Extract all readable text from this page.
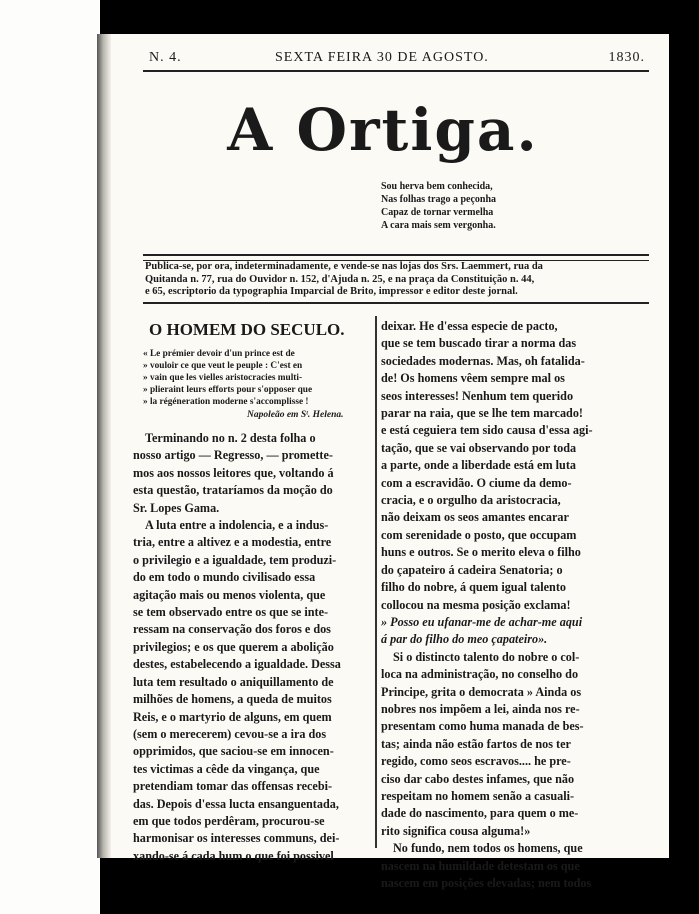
N. 4.	SEXTA FEIRA 30 DE AGOSTO.	1830.
A Ortiga.
Sou herva bem conhecida,
Nas folhas trago a peçonha
Capaz de tornar vermelha
A cara mais sem vergonha.
Publica-se, por ora, indeterminadamente, e vende-se nas lojas dos Srs. Laemmert, rua da
Quitanda n. 77, rua do Ouvidor n. 152, d'Ajuda n. 25, e na praça da Constituição n. 44,
e 65, escriptorio da typographia Imparcial de Brito, impressor e editor deste jornal.
O HOMEM DO SECULO.
« Le prémier devoir d'un prince est de
» vouloir ce que veut le peuple : C'est en
» vain que les vielles aristocracies multi-
» plieraint leurs efforts pour s'opposer que
» la régéneration moderne s'accomplisse !
Napoleão em Sᵗ. Helena.
Terminando no n. 2 desta folha o
nosso artigo — Regresso, — promette-
mos aos nossos leitores que, voltando á
esta questão, trataríamos da moção do
Sr. Lopes Gama.
A luta entre a indolencia, e a indus-
tria, entre a altivez e a modestia, entre
o privilegio e a igualdade, tem produzi-
do em todo o mundo civilisado essa
agitação mais ou menos violenta, que
se tem observado entre os que se inte-
ressam na conservação dos foros e dos
privilegios; e os que querem a abolição
destes, estabelecendo a igualdade. Dessa
luta tem resultado o aniquillamento de
milhões de homens, a queda de muitos
Reis, e o martyrio de alguns, em quem
(sem o merecerem) cevou-se a ira dos
opprimidos, que saciou-se em innocen-
tes victimas a cêde da vingança, que
pretendiam tomar das offensas recebi-
das. Depois d'essa lucta ensanguentada,
em que todos perdêram, procurou-se
harmonisar os interesses communs, dei-
xando-se á cada hum o que foi possivel
deixar. He d'essa especie de pacto,
que se tem buscado tirar a norma das
sociedades modernas. Mas, oh fatalida-
de! Os homens vêem sempre mal os
seos interesses! Nenhum tem querido
parar na raia, que se lhe tem marcado!
e está ceguiera tem sido causa d'essa agi-
tação, que se vai observando por toda
a parte, onde a liberdade está em luta
com a escravidão. O ciume da demo-
cracia, e o orgulho da aristocracia,
não deixam os seos amantes encarar
com serenidade o posto, que occupam
huns e outros. Se o merito eleva o filho
do çapateiro á cadeira Senatoria; o
filho do nobre, á quem igual talento
collocou na mesma posição exclama!
» Posso eu ufanar-me de achar-me aqui
á par do filho do meo çapateiro».
Si o distincto talento do nobre o col-
loca na administração, no conselho do
Principe, grita o democrata » Ainda os
nobres nos impõem a lei, ainda nos re-
presentam como huma manada de bes-
tas; ainda não estão fartos de nos ter
regido, como seos escravos.... he pre-
ciso dar cabo destes infames, que não
respeitam no homem senão a casuali-
dade do nascimento, para quem o me-
rito significa cousa alguma!»
No fundo, nem todos os homens, que
nascem na humildade detestam os que
nascem em posições elevadas; nem todos
